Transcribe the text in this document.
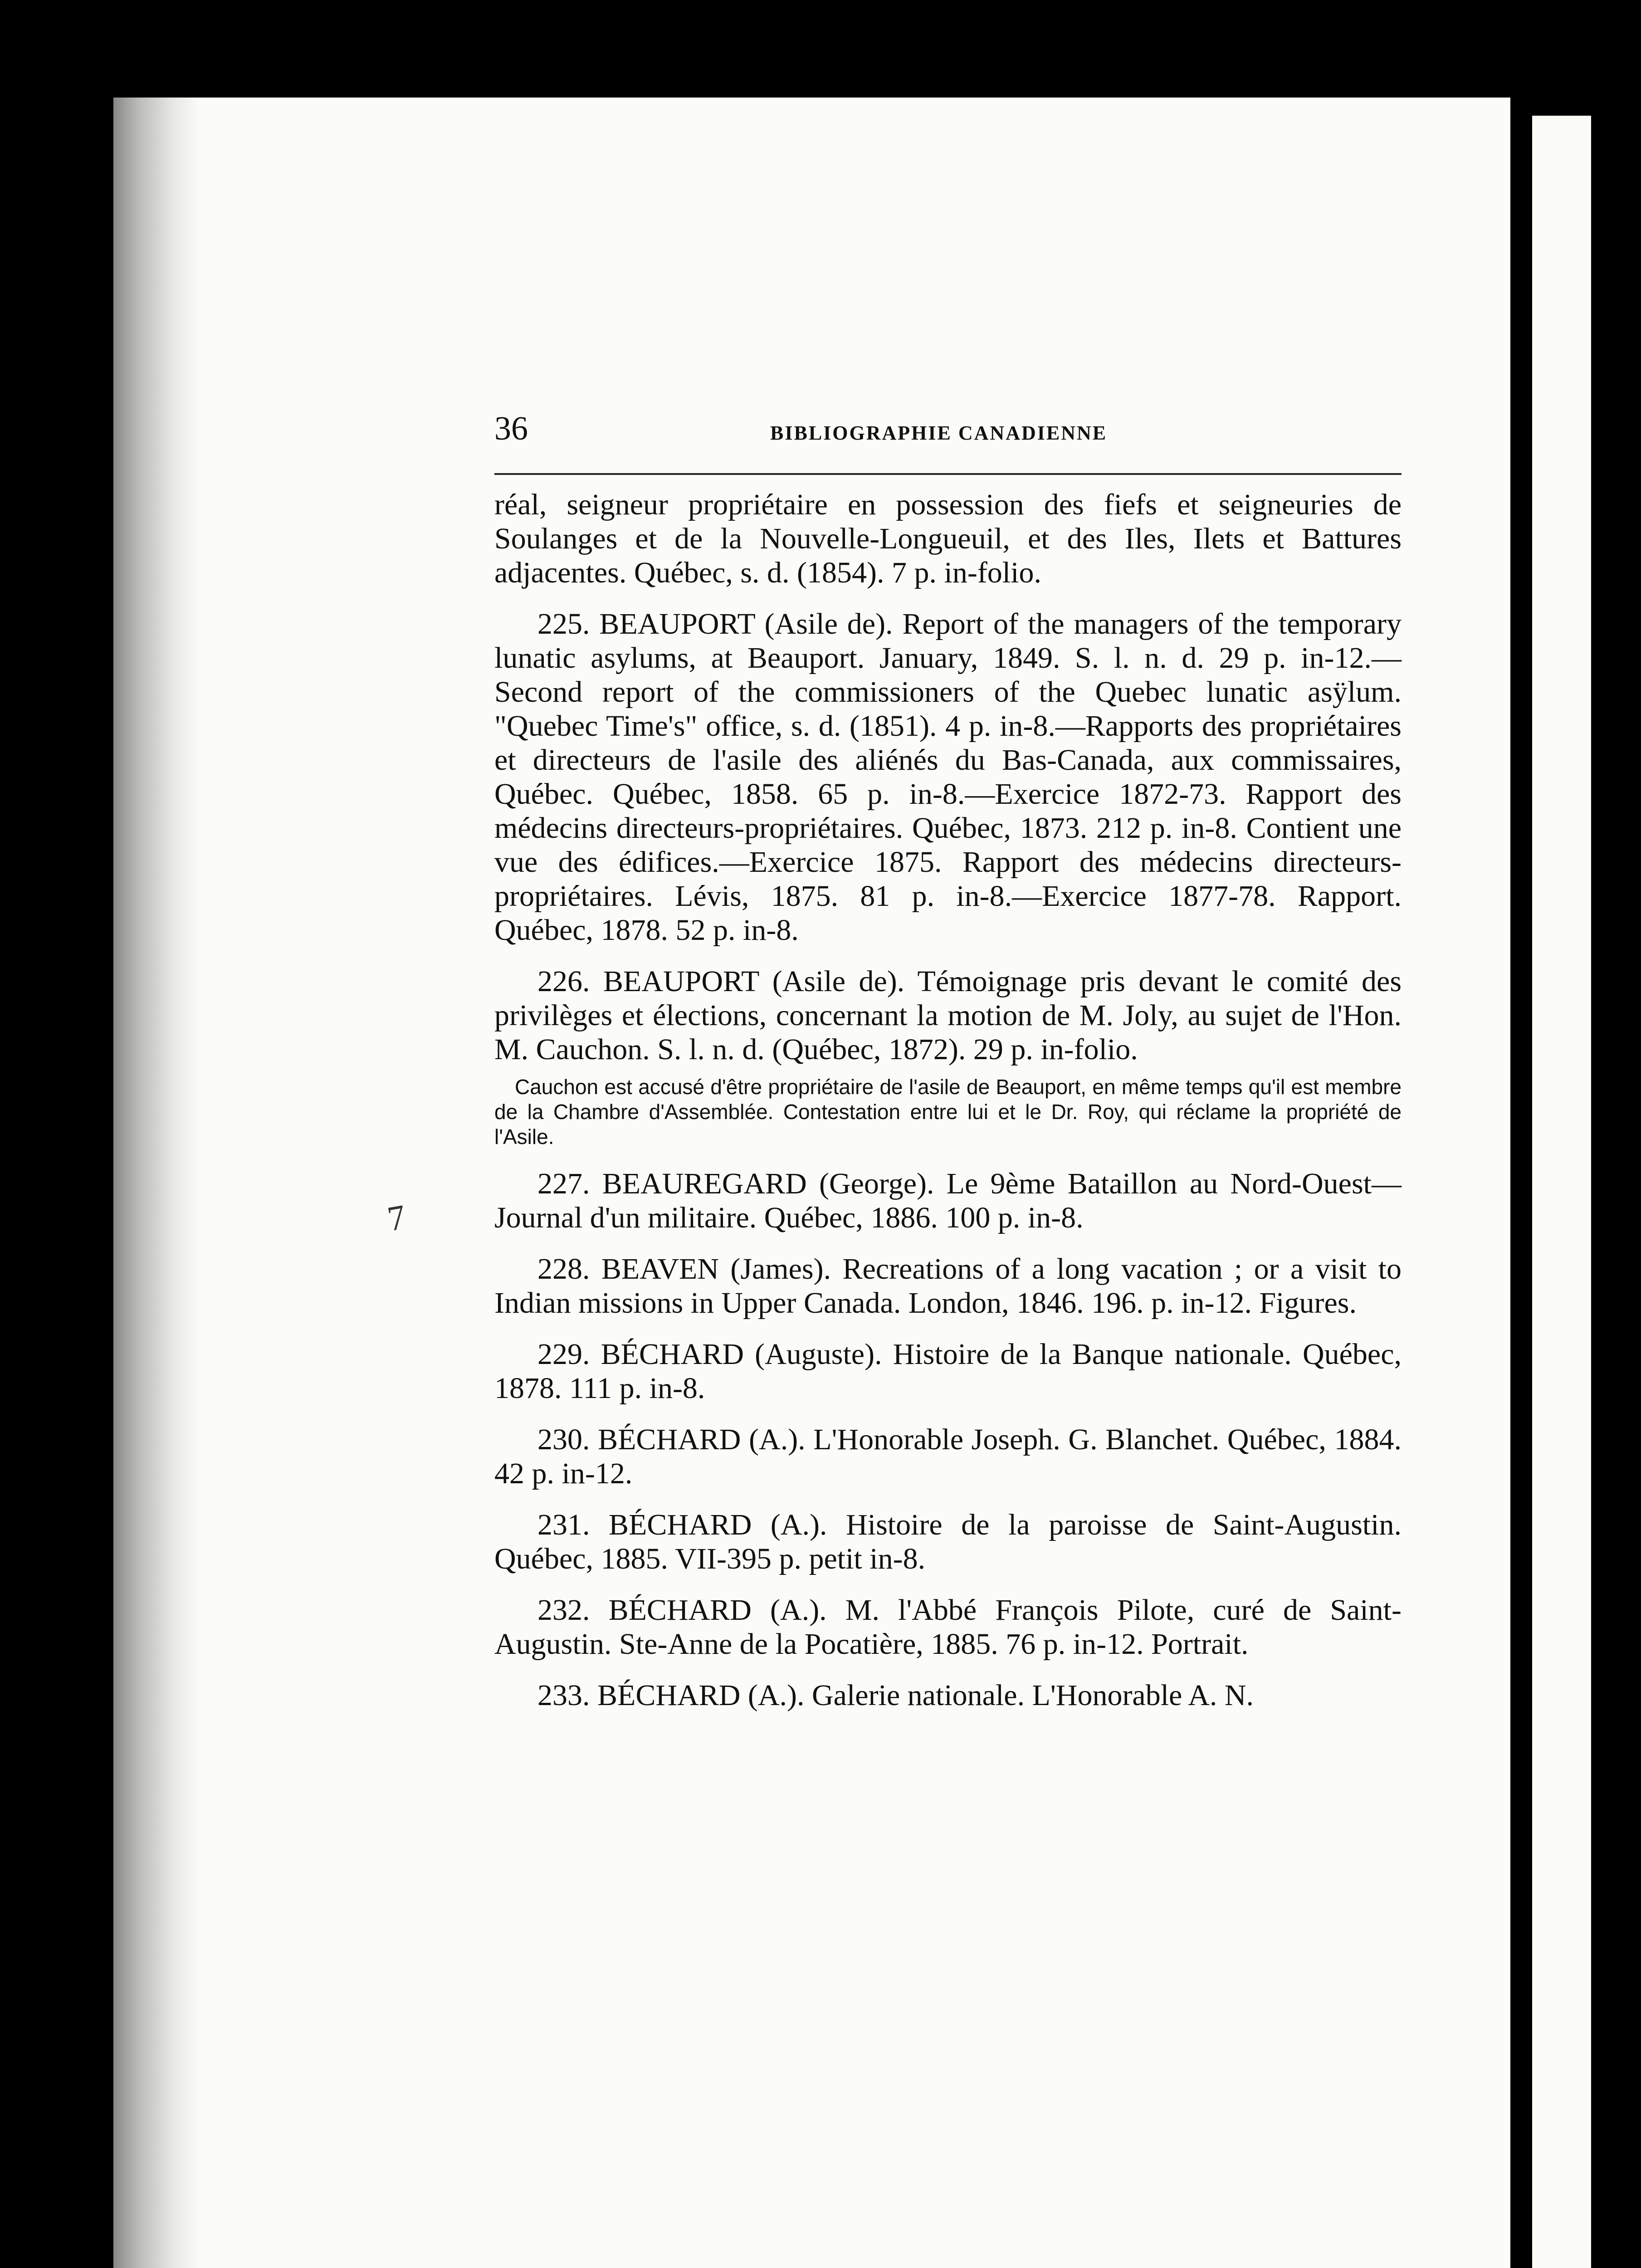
36	BIBLIOGRAPHIE CANADIENNE
7

réal, seigneur propriétaire en possession des fiefs et seigneuries de Soulanges et de la Nouvelle-Longueuil, et des Iles, Ilets et Battures adjacentes. Québec, s. d. (1854). 7 p. in-folio.

225. BEAUPORT (Asile de). Report of the managers of the temporary lunatic asylums, at Beauport. January, 1849. S. l. n. d. 29 p. in-12.—Second report of the commissioners of the Quebec lunatic asÿlum. "Quebec Time's" office, s. d. (1851). 4 p. in-8.—Rapports des propriétaires et directeurs de l'asile des aliénés du Bas-Canada, aux commissaires, Québec. Québec, 1858. 65 p. in-8.—Exercice 1872-73. Rapport des médecins directeurs-propriétaires. Québec, 1873. 212 p. in-8. Contient une vue des édifices.—Exercice 1875. Rapport des médecins directeurs-propriétaires. Lévis, 1875. 81 p. in-8.—Exercice 1877-78. Rapport. Québec, 1878. 52 p. in-8.

226. BEAUPORT (Asile de). Témoignage pris devant le comité des privilèges et élections, concernant la motion de M. Joly, au sujet de l'Hon. M. Cauchon. S. l. n. d. (Québec, 1872). 29 p. in-folio.

Cauchon est accusé d'être propriétaire de l'asile de Beauport, en même temps qu'il est membre de la Chambre d'Assemblée. Contestation entre lui et le Dr. Roy, qui réclame la propriété de l'Asile.

227. BEAUREGARD (George). Le 9ème Bataillon au Nord-Ouest—Journal d'un militaire. Québec, 1886. 100 p. in-8.

228. BEAVEN (James). Recreations of a long vacation ; or a visit to Indian missions in Upper Canada. London, 1846. 196. p. in-12. Figures.

229. BÉCHARD (Auguste). Histoire de la Banque nationale. Québec, 1878. 111 p. in-8.

230. BÉCHARD (A.). L'Honorable Joseph. G. Blanchet. Québec, 1884. 42 p. in-12.

231. BÉCHARD (A.). Histoire de la paroisse de Saint-Augustin. Québec, 1885. VII-395 p. petit in-8.

232. BÉCHARD (A.). M. l'Abbé François Pilote, curé de Saint-Augustin. Ste-Anne de la Pocatière, 1885. 76 p. in-12. Portrait.

233. BÉCHARD (A.). Galerie nationale. L'Honorable A. N.
